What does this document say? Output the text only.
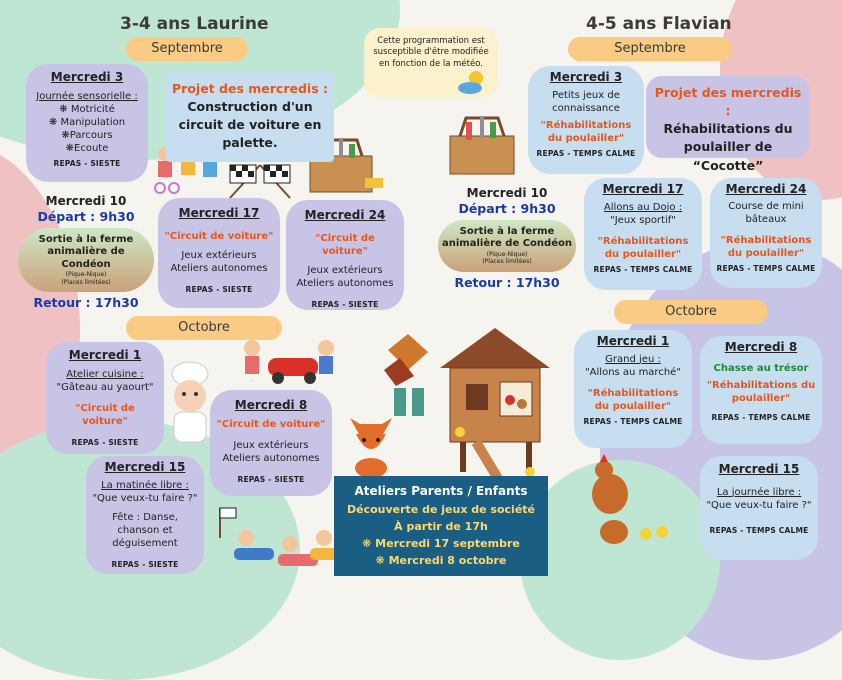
3-4 ans Laurine
Septembre
Mercredi 3
Journée sensorielle :
❋ Motricité
❋ Manipulation
❋Parcours
❋Ecoute
REPAS - SIESTE
Projet des mercredis :
Construction d'un circuit de voiture en palette.
Mercredi 10
Départ : 9h30
Sortie à la ferme animalière de Condéon
(Pique-Nique)
(Places limitées)
Retour : 17h30
Mercredi 17
"Circuit de voiture"
Jeux extérieurs Ateliers autonomes
REPAS - SIESTE
Mercredi 24
"Circuit de voiture"
Jeux extérieurs Ateliers autonomes
REPAS - SIESTE
Octobre
Mercredi 1
Atelier cuisine :
"Gâteau au yaourt"
"Circuit de voiture"
REPAS - SIESTE
Mercredi 8
"Circuit de voiture"
Jeux extérieurs Ateliers autonomes
REPAS - SIESTE
Mercredi 15
La matinée libre :
"Que veux-tu faire ?"
Fête : Danse, chanson et déguisement
REPAS - SIESTE
Cette programmation est susceptible d'être modifiée en fonction de la météo.
Ateliers Parents / Enfants
Découverte de jeux de société
À partir de 17h
❋ Mercredi 17 septembre
❋ Mercredi 8 octobre
4-5 ans Flavian
Septembre
Mercredi 3
Petits jeux de connaissance
"Réhabilitations du poulailler"
REPAS - TEMPS CALME
Projet des mercredis :
Réhabilitations du poulailler de “Cocotte”
Mercredi 10
Départ : 9h30
Sortie à la ferme animalière de Condéon
(Pique-Nique)
(Places limitées)
Retour : 17h30
Mercredi 17
Allons au Dojo :
"Jeux sportif"
"Réhabilitations du poulailler"
REPAS - TEMPS CALME
Mercredi 24
Course de mini bâteaux
"Réhabilitations du poulailler"
REPAS - TEMPS CALME
Octobre
Mercredi 1
Grand jeu :
"Allons au marché"
"Réhabilitations du poulailler"
REPAS - TEMPS CALME
Mercredi 8
Chasse au trésor
"Réhabilitations du poulailler"
REPAS - TEMPS CALME
Mercredi 15
La journée libre :
"Que veux-tu faire ?"
REPAS - TEMPS CALME
